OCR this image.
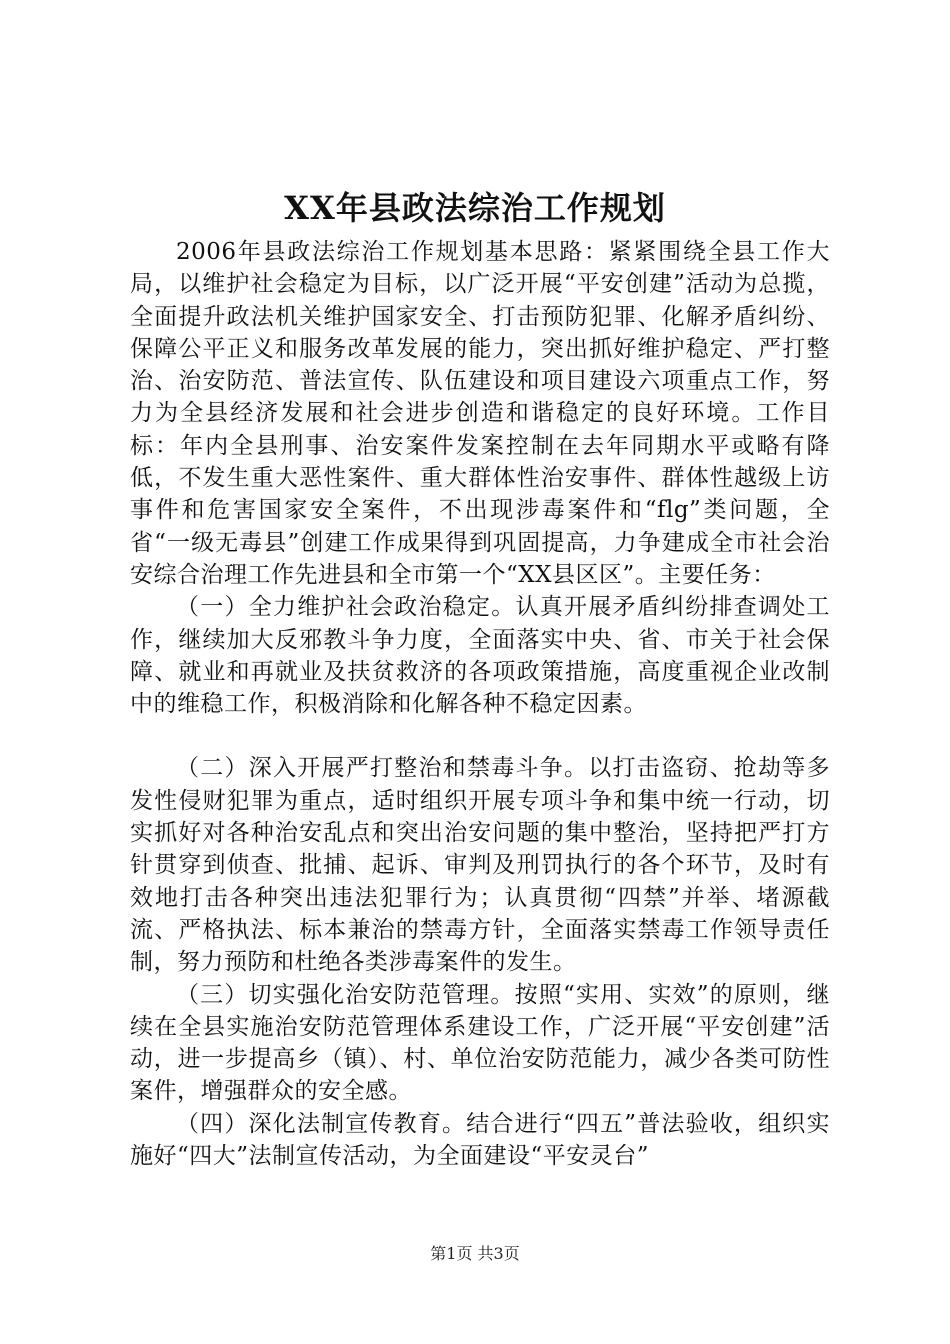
XX年县政法综治工作规划

2006年县政法综治工作规划基本思路：紧紧围绕全县工作大局，以维护社会稳定为目标，以广泛开展“平安创建”活动为总揽，全面提升政法机关维护国家安全、打击预防犯罪、化解矛盾纠纷、保障公平正义和服务改革发展的能力，突出抓好维护稳定、严打整治、治安防范、普法宣传、队伍建设和项目建设六项重点工作，努力为全县经济发展和社会进步创造和谐稳定的良好环境。工作目标：年内全县刑事、治安案件发案控制在去年同期水平或略有降低，不发生重大恶性案件、重大群体性治安事件、群体性越级上访事件和危害国家安全案件，不出现涉毒案件和“flg”类问题，全省“一级无毒县”创建工作成果得到巩固提高，力争建成全市社会治安综合治理工作先进县和全市第一个“XX县区区”。主要任务：

（一）全力维护社会政治稳定。认真开展矛盾纠纷排查调处工作，继续加大反邪教斗争力度，全面落实中央、省、市关于社会保障、就业和再就业及扶贫救济的各项政策措施，高度重视企业改制中的维稳工作，积极消除和化解各种不稳定因素。

（二）深入开展严打整治和禁毒斗争。以打击盗窃、抢劫等多发性侵财犯罪为重点，适时组织开展专项斗争和集中统一行动，切实抓好对各种治安乱点和突出治安问题的集中整治，坚持把严打方针贯穿到侦查、批捕、起诉、审判及刑罚执行的各个环节，及时有效地打击各种突出违法犯罪行为；认真贯彻“四禁”并举、堵源截流、严格执法、标本兼治的禁毒方针，全面落实禁毒工作领导责任制，努力预防和杜绝各类涉毒案件的发生。

（三）切实强化治安防范管理。按照“实用、实效”的原则，继续在全县实施治安防范管理体系建设工作，广泛开展“平安创建”活动，进一步提高乡（镇）、村、单位治安防范能力，减少各类可防性案件，增强群众的安全感。

（四）深化法制宣传教育。结合进行“四五”普法验收，组织实施好“四大”法制宣传活动，为全面建设“平安灵台”

第1页 共3页
